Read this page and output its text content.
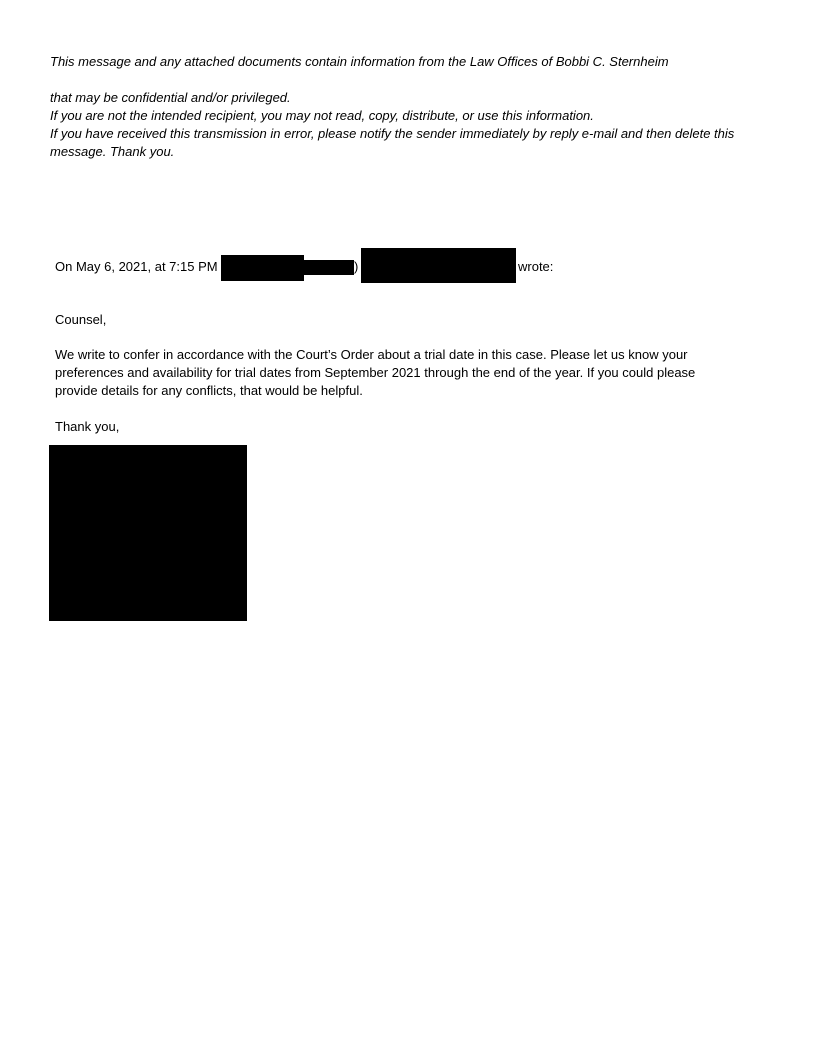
This message and any attached documents contain information from the Law Offices of Bobbi C. Sternheim

that may be confidential and/or privileged.

If you are not the intended recipient, you may not read, copy, distribute, or use this information.

If you have received this transmission in error, please notify the sender immediately by reply e-mail and then delete this message. Thank you.

On May 6, 2021, at 7:15 PM	)	wrote:

Counsel,

We write to confer in accordance with the Court’s Order about a trial date in this case. Please let us know your preferences and availability for trial dates from September 2021 through the end of the year. If you could please provide details for any conflicts, that would be helpful.

Thank you,
